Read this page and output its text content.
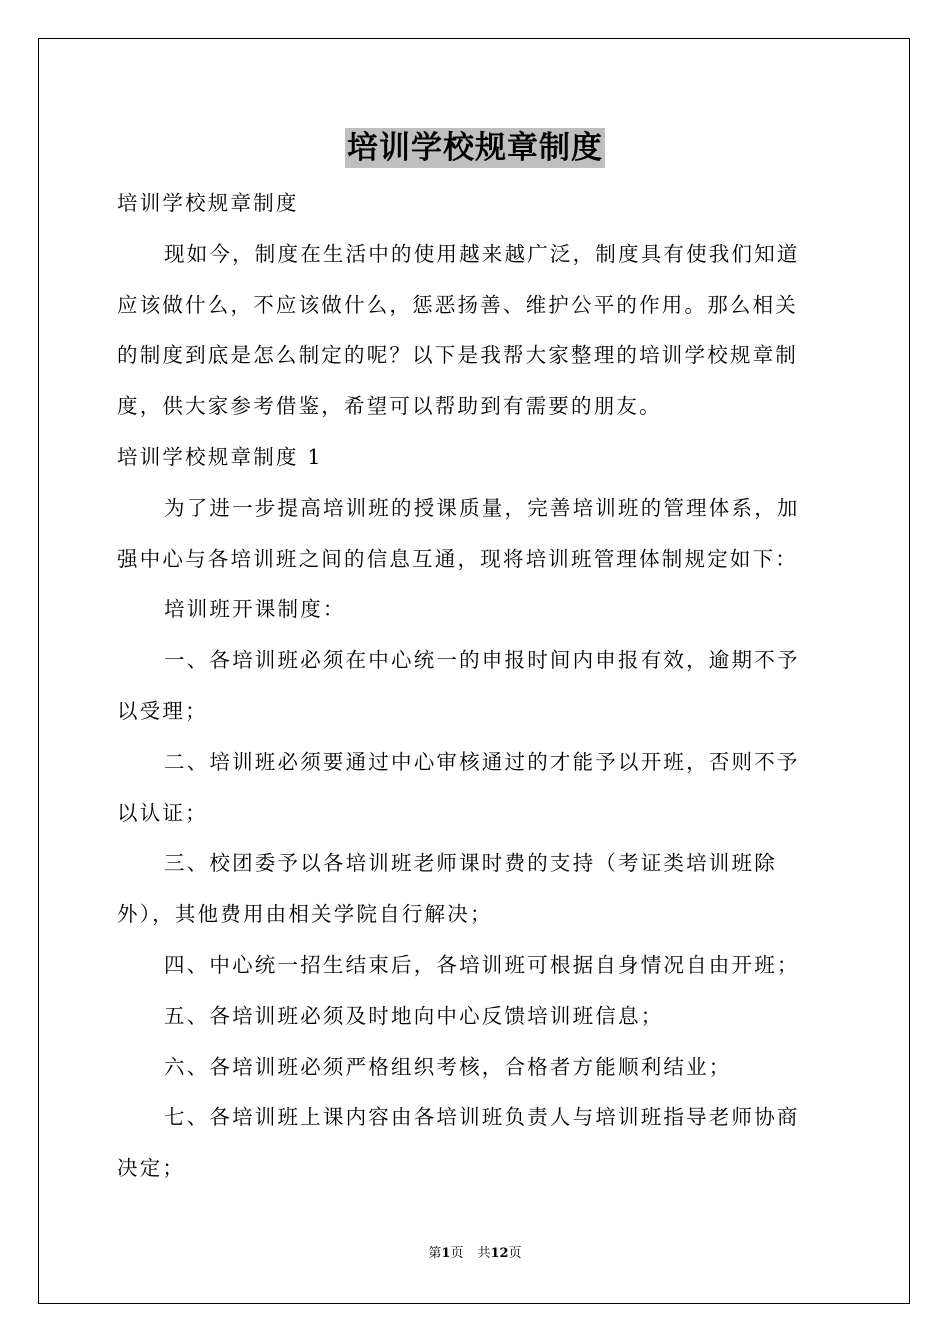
培训学校规章制度
培训学校规章制度
现如今，制度在生活中的使用越来越广泛，制度具有使我们知道
应该做什么，不应该做什么，惩恶扬善、维护公平的作用。那么相关
的制度到底是怎么制定的呢？以下是我帮大家整理的培训学校规章制
度，供大家参考借鉴，希望可以帮助到有需要的朋友。
培训学校规章制度 1
为了进一步提高培训班的授课质量，完善培训班的管理体系，加
强中心与各培训班之间的信息互通，现将培训班管理体制规定如下：
培训班开课制度：
一、各培训班必须在中心统一的申报时间内申报有效，逾期不予
以受理；
二、培训班必须要通过中心审核通过的才能予以开班，否则不予
以认证；
三、校团委予以各培训班老师课时费的支持（考证类培训班除
外），其他费用由相关学院自行解决；
四、中心统一招生结束后，各培训班可根据自身情况自由开班；
五、各培训班必须及时地向中心反馈培训班信息；
六、各培训班必须严格组织考核，合格者方能顺利结业；
七、各培训班上课内容由各培训班负责人与培训班指导老师协商
决定；
第1页 共12页
